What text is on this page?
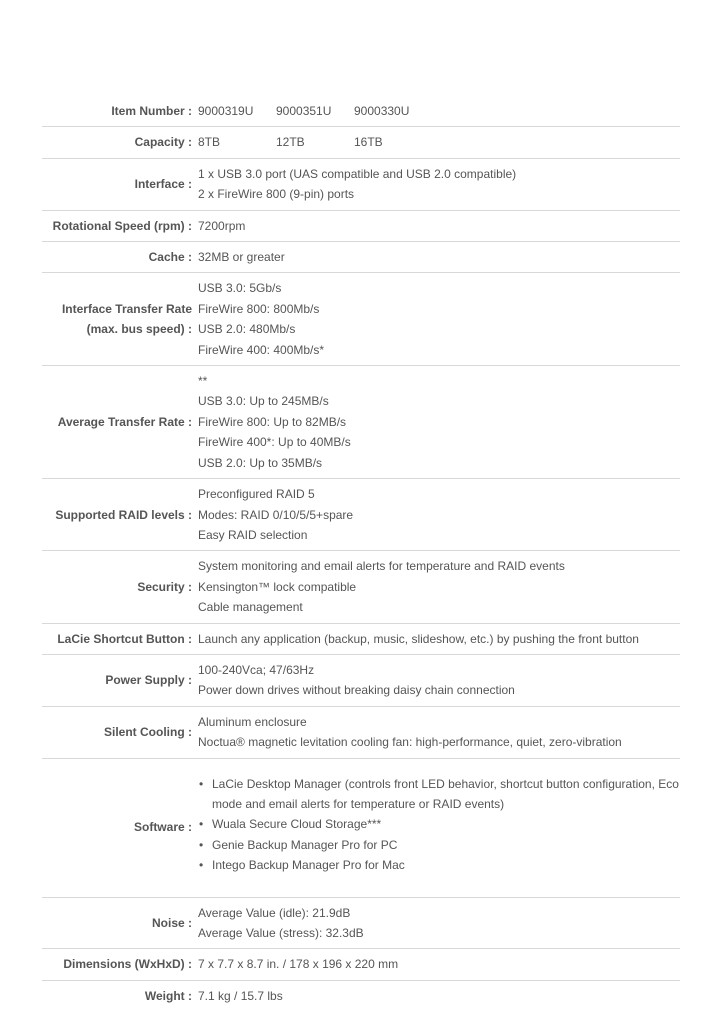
Item Number : 9000319U	9000351U	9000330U
Capacity : 8TB	12TB	16TB
Interface :
1 x USB 3.0 port (UAS compatible and USB 2.0 compatible)
2 x FireWire 800 (9-pin) ports
Rotational Speed (rpm) : 7200rpm
Cache : 32MB or greater
Interface Transfer Rate
(max. bus speed) :
USB 3.0: 5Gb/s
FireWire 800: 800Mb/s
USB 2.0: 480Mb/s
FireWire 400: 400Mb/s*
Average Transfer Rate :
**
USB 3.0: Up to 245MB/s
FireWire 800: Up to 82MB/s
FireWire 400*: Up to 40MB/s
USB 2.0: Up to 35MB/s
Supported RAID levels :
Preconfigured RAID 5
Modes: RAID 0/10/5/5+spare
Easy RAID selection
Security :
System monitoring and email alerts for temperature and RAID events
Kensington™ lock compatible
Cable management
LaCie Shortcut Button : Launch any application (backup, music, slideshow, etc.) by pushing the front button
Power Supply :
100-240Vca; 47/63Hz
Power down drives without breaking daisy chain connection
Silent Cooling :
Aluminum enclosure
Noctua® magnetic levitation cooling fan: high-performance, quiet, zero-vibration
Software :
• LaCie Desktop Manager (controls front LED behavior, shortcut button configuration, Eco mode and email alerts for temperature or RAID events)
• Wuala Secure Cloud Storage***
• Genie Backup Manager Pro for PC
• Intego Backup Manager Pro for Mac
Noise :
Average Value (idle): 21.9dB
Average Value (stress): 32.3dB
Dimensions (WxHxD) : 7 x 7.7 x 8.7 in. / 178 x 196 x 220 mm
Weight : 7.1 kg / 15.7 lbs
